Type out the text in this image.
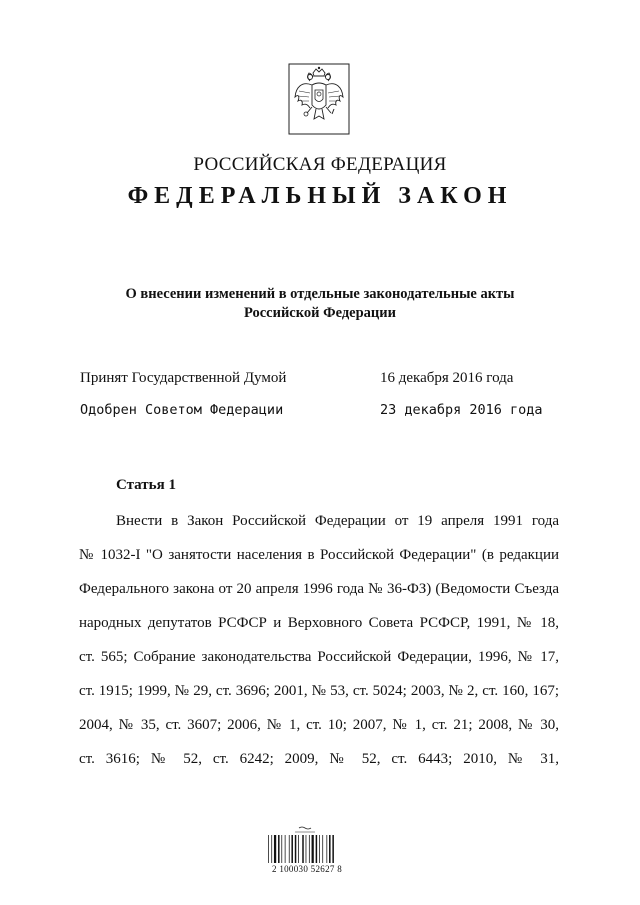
РОССИЙСКАЯ ФЕДЕРАЦИЯ
ФЕДЕРАЛЬНЫЙ ЗАКОН
О внесении изменений в отдельные законодательные акты
Российской Федерации
Принят Государственной Думой	16 декабря 2016 года
Одобрен Советом Федерации	23 декабря 2016 года
Статья 1
Внести в Закон Российской Федерации от 19 апреля 1991 года
№ 1032-I "О занятости населения в Российской Федерации" (в редакции
Федерального закона от 20 апреля 1996 года № 36-ФЗ) (Ведомости Съезда
народных депутатов РСФСР и Верховного Совета РСФСР, 1991, № 18,
ст. 565; Собрание законодательства Российской Федерации, 1996, № 17,
ст. 1915; 1999, № 29, ст. 3696; 2001, № 53, ст. 5024; 2003, № 2, ст. 160, 167;
2004, № 35, ст. 3607; 2006, № 1, ст. 10; 2007, № 1, ст. 21; 2008, № 30,
ст. 3616; № 52, ст. 6242; 2009, № 52, ст. 6443; 2010, № 31,
2 100030 52627 8
